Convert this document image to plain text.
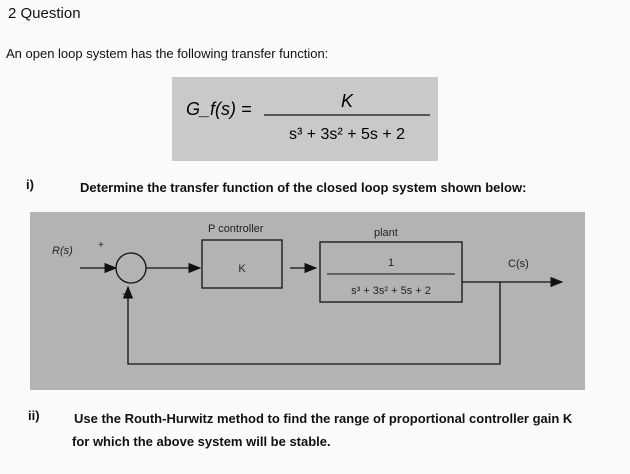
2 Question
An open loop system has the following transfer function:
G_f(s) =	K
s³ + 3s² + 5s + 2
i)	Determine the transfer function of the closed loop system shown below:
R(s)	+
-
P controller
K
plant
1
s³ + 3s² + 5s + 2
C(s)
ii)	Use the Routh-Hurwitz method to find the range of proportional controller gain K
for which the above system will be stable.
